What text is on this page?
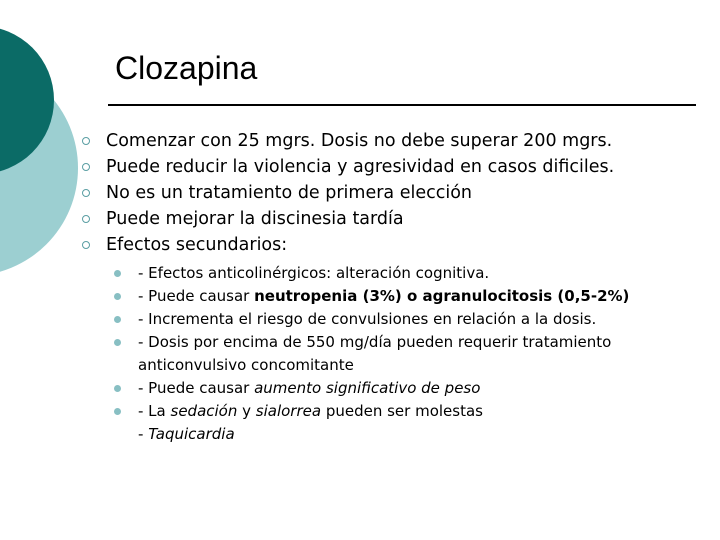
Clozapina
Comenzar con 25 mgrs. Dosis no debe superar 200 mgrs.
Puede reducir la violencia y agresividad en casos dificiles.
No es un tratamiento de primera elección
Puede mejorar la discinesia tardía
Efectos secundarios:
- Efectos anticolinérgicos: alteración cognitiva.
- Puede causar neutropenia (3%) o agranulocitosis (0,5-2%)
- Incrementa el riesgo de convulsiones en relación a la dosis.
- Dosis por encima de 550 mg/día pueden requerir tratamiento anticonvulsivo concomitante
- Puede causar aumento significativo de peso
- La sedación y sialorrea pueden ser molestas
- Taquicardia
